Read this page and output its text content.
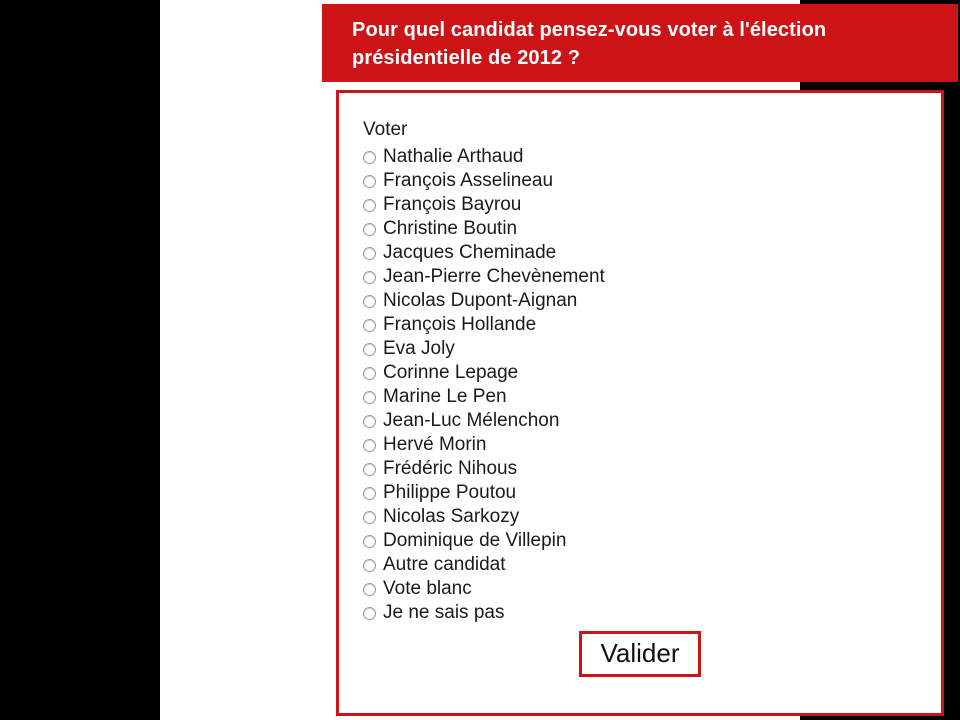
Pour quel candidat pensez-vous voter à l'élection présidentielle de 2012 ?
Voter
Nathalie Arthaud
François Asselineau
François Bayrou
Christine Boutin
Jacques Cheminade
Jean-Pierre Chevènement
Nicolas Dupont-Aignan
François Hollande
Eva Joly
Corinne Lepage
Marine Le Pen
Jean-Luc Mélenchon
Hervé Morin
Frédéric Nihous
Philippe Poutou
Nicolas Sarkozy
Dominique de Villepin
Autre candidat
Vote blanc
Je ne sais pas
Valider
